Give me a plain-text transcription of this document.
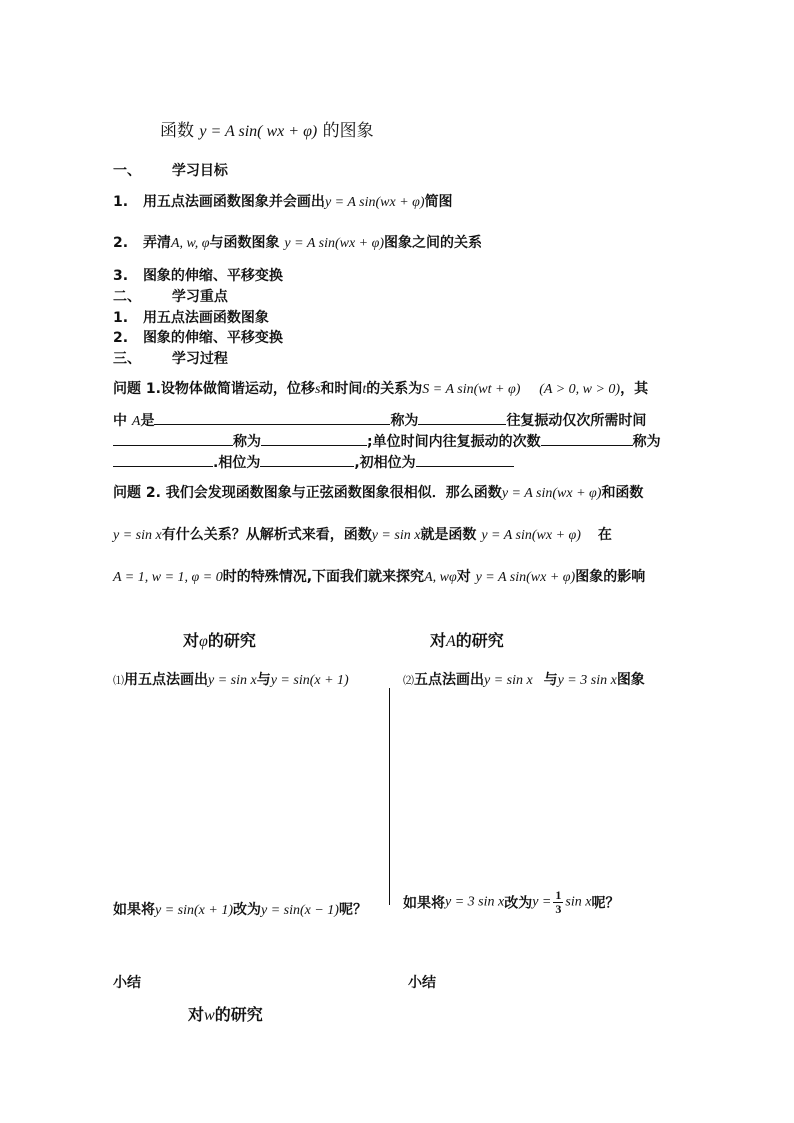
函数 y = A sin( wx + φ) 的图象
一、 学习目标
1. 用五点法画函数图象并会画出y = A sin(wx + φ)简图
2. 弄清A, w, φ与函数图象 y = A sin(wx + φ)图象之间的关系
3. 图象的伸缩、平移变换
二、 学习重点
1. 用五点法画函数图象
2. 图象的伸缩、平移变换
三、 学习过程
问题 1.设物体做简谐运动，位移s和时间t的关系为S = A sin(wt + φ) (A > 0, w > 0)，其
中 A是	称为	往复振动仅次所需时间
称为	;单位时间内往复振动的次数	称为
.相位为	,初相位为
问题 2. 我们会发现函数图象与正弦函数图象很相似．那么函数y = A sin(wx + φ)和函数
y = sin x有什么关系？从解析式来看，函数y = sin x就是函数 y = A sin(wx + φ) 在
A = 1, w = 1, φ = 0时的特殊情况,下面我们就来探究A, wφ对 y = A sin(wx + φ)图象的影响
对φ的研究	对A的研究
⑴用五点法画出y = sin x与y = sin(x + 1)	⑵五点法画出y = sin x 与y = 3 sin x图象
如果将y = sin(x + 1)改为y = sin(x − 1)呢？	如果将y = 3 sin x改为$y = \frac{1}{3}$ sin x呢？
小结	小结
对w的研究
